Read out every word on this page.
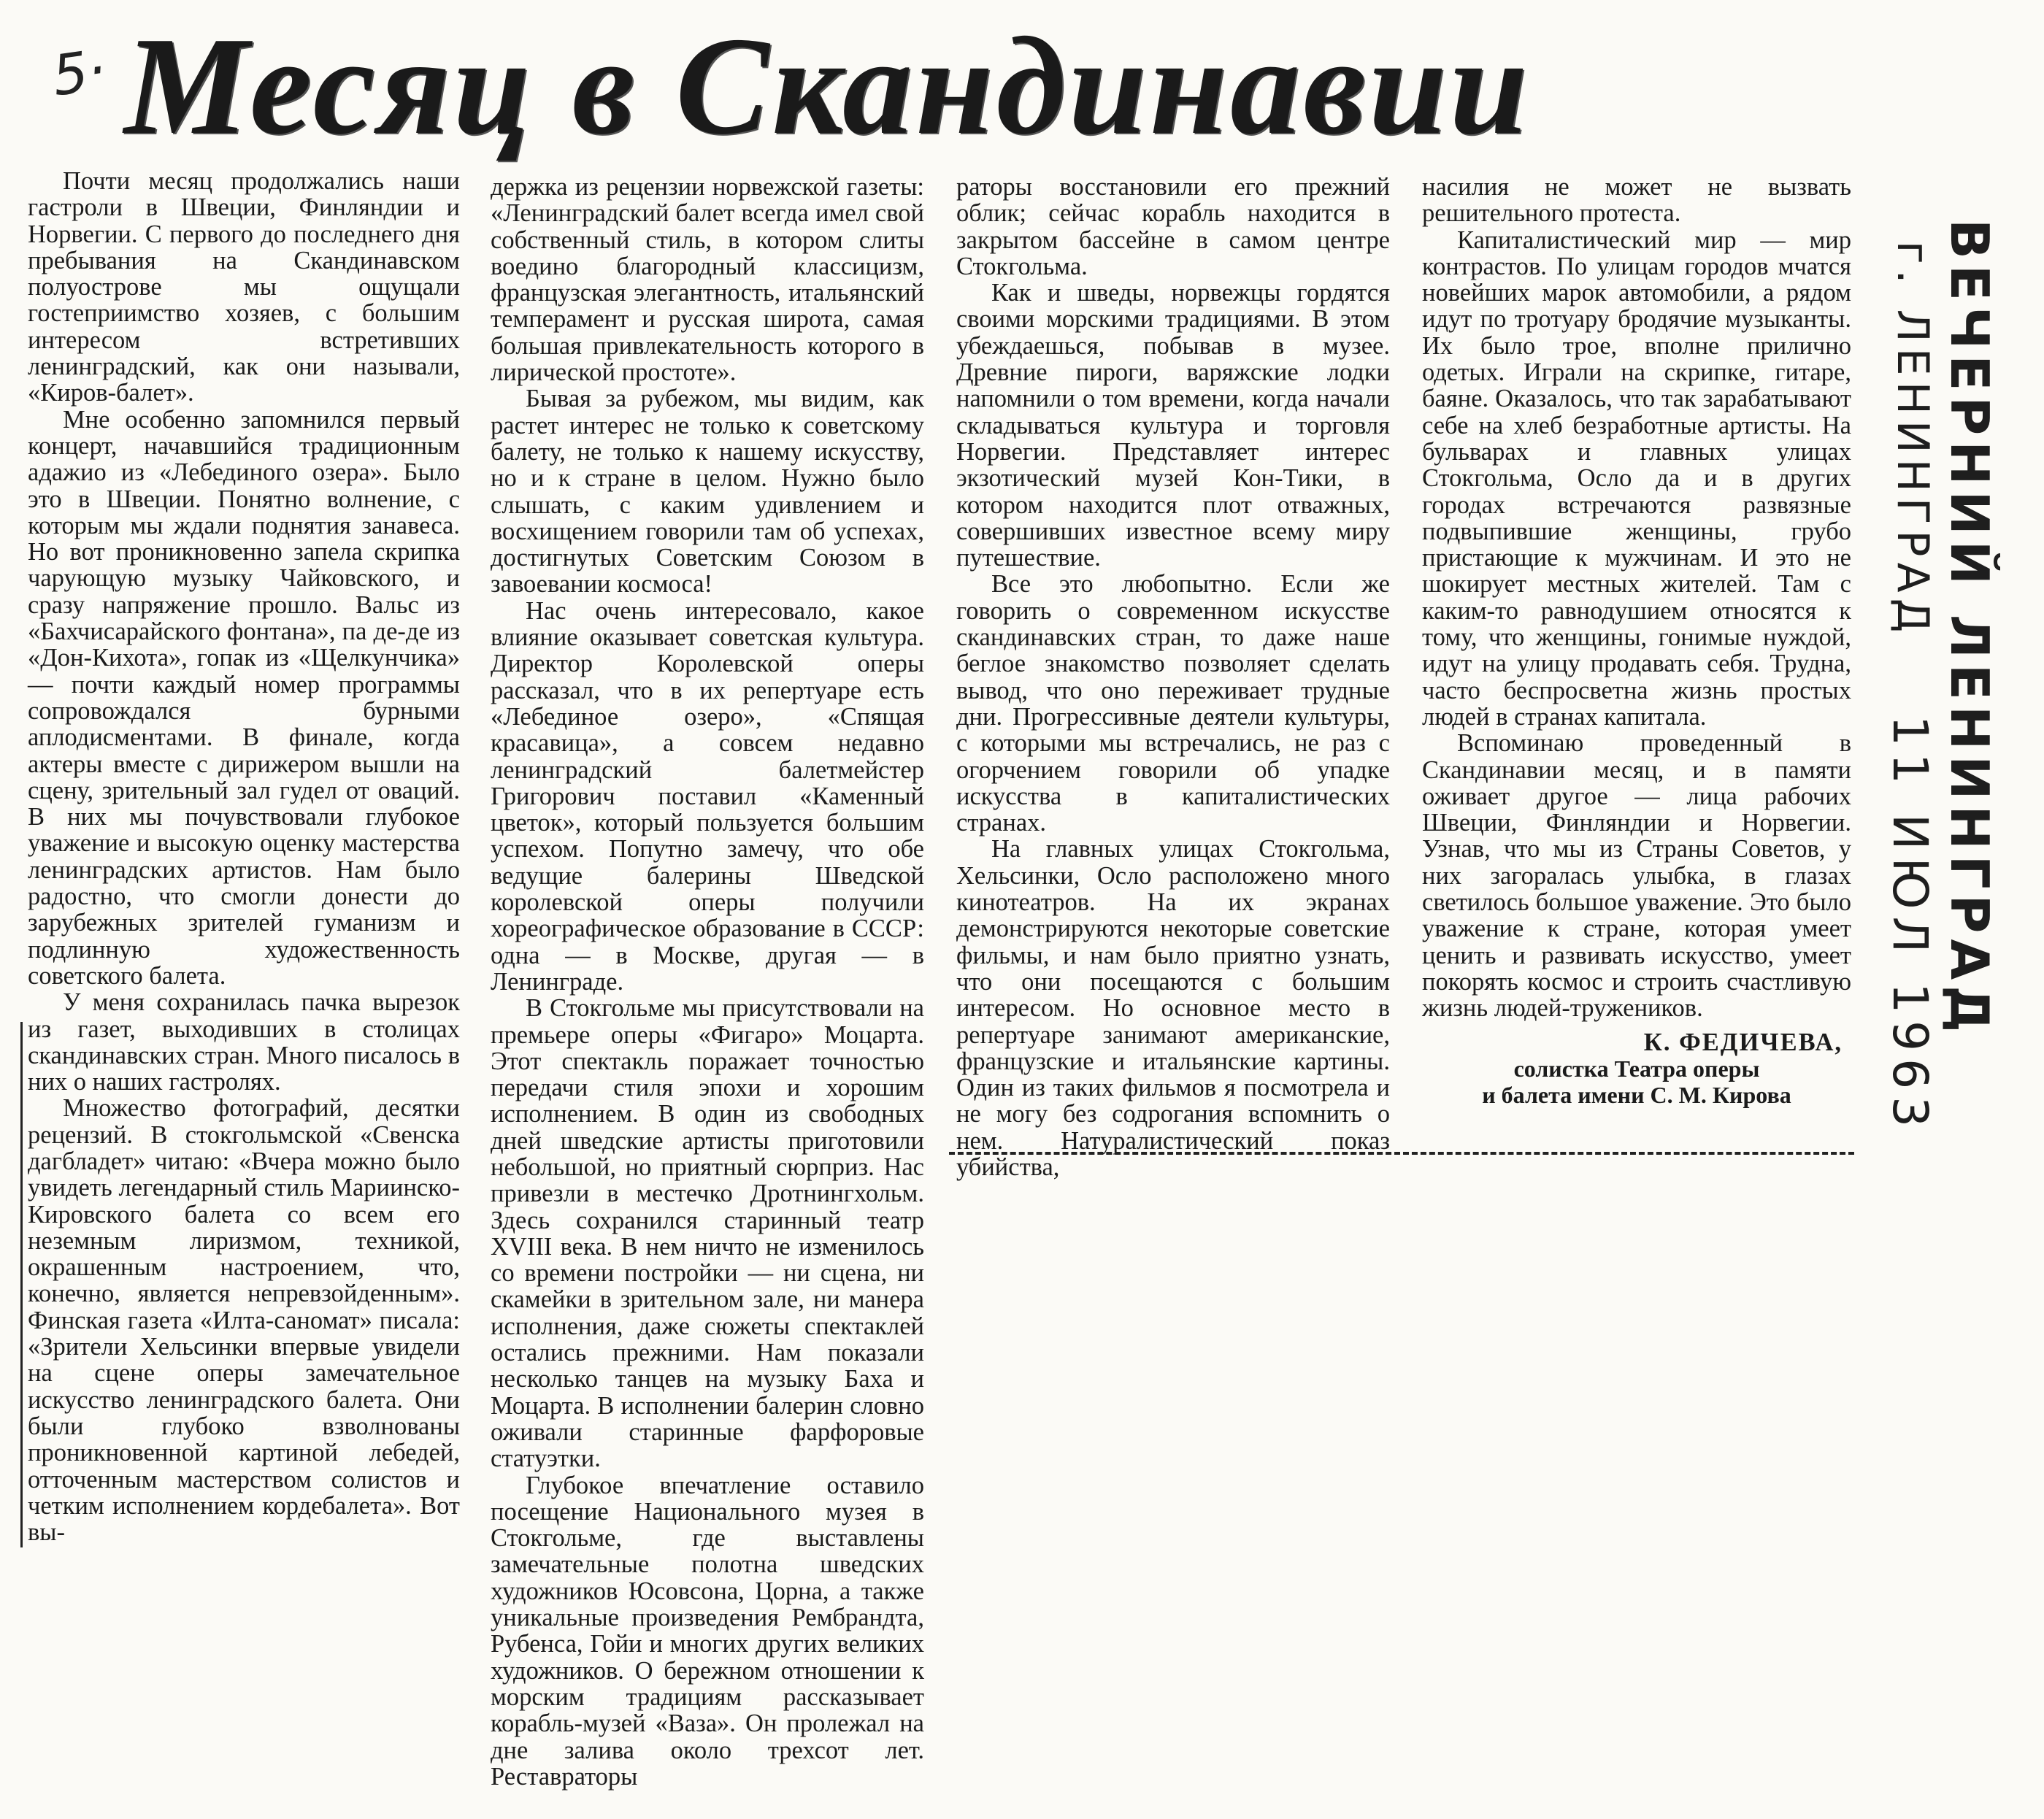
5· Месяц в Скандинавии

Почти месяц продолжались наши гастроли в Швеции, Финляндии и Норвегии. С первого до последнего дня пребывания на Скандинавском полуострове мы ощущали гостеприимство хозяев, с большим интересом встретивших ленинградский, как они называли, «Киров-балет».

Мне особенно запомнился первый концерт, начавшийся традиционным адажио из «Лебединого озера». Было это в Швеции. Понятно волнение, с которым мы ждали поднятия занавеса. Но вот проникновенно запела скрипка чарующую музыку Чайковского, и сразу напряжение прошло. Вальс из «Бахчисарайского фонтана», па де-де из «Дон-Кихота», гопак из «Щелкунчика» — почти каждый номер программы сопровождался бурными аплодисментами. В финале, когда актеры вместе с дирижером вышли на сцену, зрительный зал гудел от оваций. В них мы почувствовали глубокое уважение и высокую оценку мастерства ленинградских артистов. Нам было радостно, что смогли донести до зарубежных зрителей гуманизм и подлинную художественность советского балета.

У меня сохранилась пачка вырезок из газет, выходивших в столицах скандинавских стран. Много писалось в них о наших гастролях.

Множество фотографий, десятки рецензий. В стокгольмской «Свенска дагбладет» читаю: «Вчера можно было увидеть легендарный стиль Мариинско-Кировского балета со всем его неземным лиризмом, техникой, окрашенным настроением, что, конечно, является непревзойденным». Финская газета «Илта-саномат» писала: «Зрители Хельсинки впервые увидели на сцене оперы замечательное искусство ленинградского балета. Они были глубоко взволнованы проникновенной картиной лебедей, отточенным мастерством солистов и четким исполнением кордебалета». Вот вы-

держка из рецензии норвежской газеты: «Ленинградский балет всегда имел свой собственный стиль, в котором слиты воедино благородный классицизм, французская элегантность, итальянский темперамент и русская широта, самая большая привлекательность которого в лирической простоте».

Бывая за рубежом, мы видим, как растет интерес не только к советскому балету, не только к нашему искусству, но и к стране в целом. Нужно было слышать, с каким удивлением и восхищением говорили там об успехах, достигнутых Советским Союзом в завоевании космоса!

Нас очень интересовало, какое влияние оказывает советская культура. Директор Королевской оперы рассказал, что в их репертуаре есть «Лебединое озеро», «Спящая красавица», а совсем недавно ленинградский балетмейстер Григорович поставил «Каменный цветок», который пользуется большим успехом. Попутно замечу, что обе ведущие балерины Шведской королевской оперы получили хореографическое образование в СССР: одна — в Москве, другая — в Ленинграде.

В Стокгольме мы присутствовали на премьере оперы «Фигаро» Моцарта. Этот спектакль поражает точностью передачи стиля эпохи и хорошим исполнением. В один из свободных дней шведские артисты приготовили небольшой, но приятный сюрприз. Нас привезли в местечко Дротнингхольм. Здесь сохранился старинный театр XVIII века. В нем ничто не изменилось со времени постройки — ни сцена, ни скамейки в зрительном зале, ни манера исполнения, даже сюжеты спектаклей остались прежними. Нам показали несколько танцев на музыку Баха и Моцарта. В исполнении балерин словно оживали старинные фарфоровые статуэтки.

Глубокое впечатление оставило посещение Национального музея в Стокгольме, где выставлены замечательные полотна шведских художников Юсовсона, Цорна, а также уникальные произведения Рембрандта, Рубенса, Гойи и многих других великих художников. О бережном отношении к морским традициям рассказывает корабль-музей «Ваза». Он пролежал на дне залива около трехсот лет. Реставраторы

раторы восстановили его прежний облик; сейчас корабль находится в закрытом бассейне в самом центре Стокгольма.

Как и шведы, норвежцы гордятся своими морскими традициями. В этом убеждаешься, побывав в музее. Древние пироги, варяжские лодки напомнили о том времени, когда начали складываться культура и торговля Норвегии. Представляет интерес экзотический музей Кон-Тики, в котором находится плот отважных, совершивших известное всему миру путешествие.

Все это любопытно. Если же говорить о современном искусстве скандинавских стран, то даже наше беглое знакомство позволяет сделать вывод, что оно переживает трудные дни. Прогрессивные деятели культуры, с которыми мы встречались, не раз с огорчением говорили об упадке искусства в капиталистических странах.

На главных улицах Стокгольма, Хельсинки, Осло расположено много кинотеатров. На их экранах демонстрируются некоторые советские фильмы, и нам было приятно узнать, что они посещаются с большим интересом. Но основное место в репертуаре занимают американские, французские и итальянские картины. Один из таких фильмов я посмотрела и не могу без содрогания вспомнить о нем. Натуралистический показ убийства,

насилия не может не вызвать решительного протеста.

Капиталистический мир — мир контрастов. По улицам городов мчатся новейших марок автомобили, а рядом идут по тротуару бродячие музыканты. Их было трое, вполне прилично одетых. Играли на скрипке, гитаре, баяне. Оказалось, что так зарабатывают себе на хлеб безработные артисты. На бульварах и главных улицах Стокгольма, Осло да и в других городах встречаются развязные подвыпившие женщины, грубо пристающие к мужчинам. И это не шокирует местных жителей. Там с каким-то равнодушием относятся к тому, что женщины, гонимые нуждой, идут на улицу продавать себя. Трудна, часто беспросветна жизнь простых людей в странах капитала.

Вспоминаю проведенный в Скандинавии месяц, и в памяти оживает другое — лица рабочих Швеции, Финляндии и Норвегии. Узнав, что мы из Страны Советов, у них загоралась улыбка, в глазах светилось большое уважение. Это было уважение к стране, которая умеет ценить и развивать искусство, умеет покорять космос и строить счастливую жизнь людей-тружеников.

К. ФЕДИЧЕВА,
солистка Театра оперы
и балета имени С. М. Кирова
ВЕЧЕРНИЙ ЛЕНИНГРАД
г. ЛЕНИНГРАД
11 ИЮЛ 1963
